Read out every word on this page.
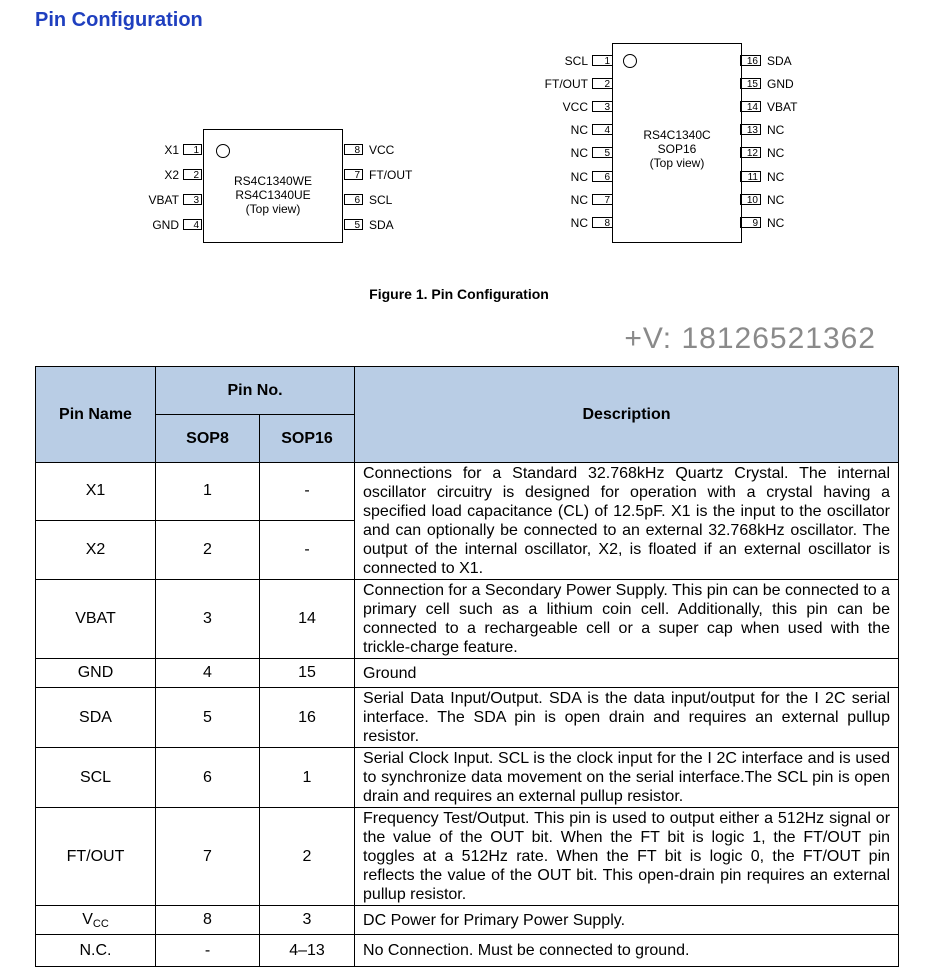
Pin Configuration
RS4C1340WE
RS4C1340UE
(Top view)
X1	1
X2	2
VBAT	3
GND	4
8 VCC
7 FT/OUT
6 SCL
5 SDA
RS4C1340C
SOP16
(Top view)
SCL	1
FT/OUT	2
VCC	3
NC	4
NC	5
NC	6
NC	7
NC	8
16 SDA
15 GND
14 VBAT
13 NC
12 NC
11 NC
10 NC
9 NC
Figure 1. Pin Configuration
+V: 18126521362
Pin Name	Pin No.		Description
	SOP8	SOP16	
X1	1	-	Connections for a Standard 32.768kHz Quartz Crystal. The internal oscillator circuitry is designed for operation with a crystal having a specified load capacitance (CL) of 12.5pF. X1 is the input to the oscillator and can optionally be connected to an external 32.768kHz oscillator. The output of the internal oscillator, X2, is floated if an external oscillator is connected to X1.
X2	2	-	
VBAT	3	14	Connection for a Secondary Power Supply. This pin can be connected to a primary cell such as a lithium coin cell. Additionally, this pin can be connected to a rechargeable cell or a super cap when used with the trickle-charge feature.
GND	4	15	Ground
SDA	5	16	Serial Data Input/Output. SDA is the data input/output for the I 2C serial interface. The SDA pin is open drain and requires an external pullup resistor.
SCL	6	1	Serial Clock Input. SCL is the clock input for the I 2C interface and is used to synchronize data movement on the serial interface.The SCL pin is open drain and requires an external pullup resistor.
FT/OUT	7	2	Frequency Test/Output. This pin is used to output either a 512Hz signal or the value of the OUT bit. When the FT bit is logic 1, the FT/OUT pin toggles at a 512Hz rate. When the FT bit is logic 0, the FT/OUT pin reflects the value of the OUT bit. This open-drain pin requires an external pullup resistor.
$V_{CC}$	8	3	DC Power for Primary Power Supply.
N.C.	-	4–13	No Connection. Must be connected to ground.
